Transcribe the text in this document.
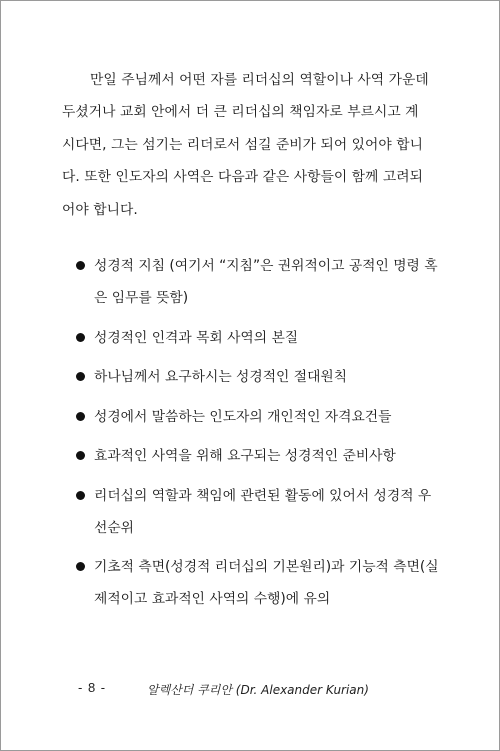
만일 주님께서 어떤 자를 리더십의 역할이나 사역 가운데

두셨거나 교회 안에서 더 큰 리더십의 책임자로 부르시고 계

시다면, 그는 섬기는 리더로서 섬길 준비가 되어 있어야 합니

다. 또한 인도자의 사역은 다음과 같은 사항들이 함께 고려되

어야 합니다.

성경적 지침 (여기서 “지침”은 권위적이고 공적인 명령 혹
은 임무를 뜻함)
성경적인 인격과 목회 사역의 본질
하나님께서 요구하시는 성경적인 절대원칙
성경에서 말씀하는 인도자의 개인적인 자격요건들
효과적인 사역을 위해 요구되는 성경적인 준비사항
리더십의 역할과 책임에 관련된 활동에 있어서 성경적 우
선순위
기초적 측면(성경적 리더십의 기본원리)과 기능적 측면(실
제적이고 효과적인 사역의 수행)에 유의
- 8 -	알렉산더 쿠리안 (Dr. Alexander Kurian)
